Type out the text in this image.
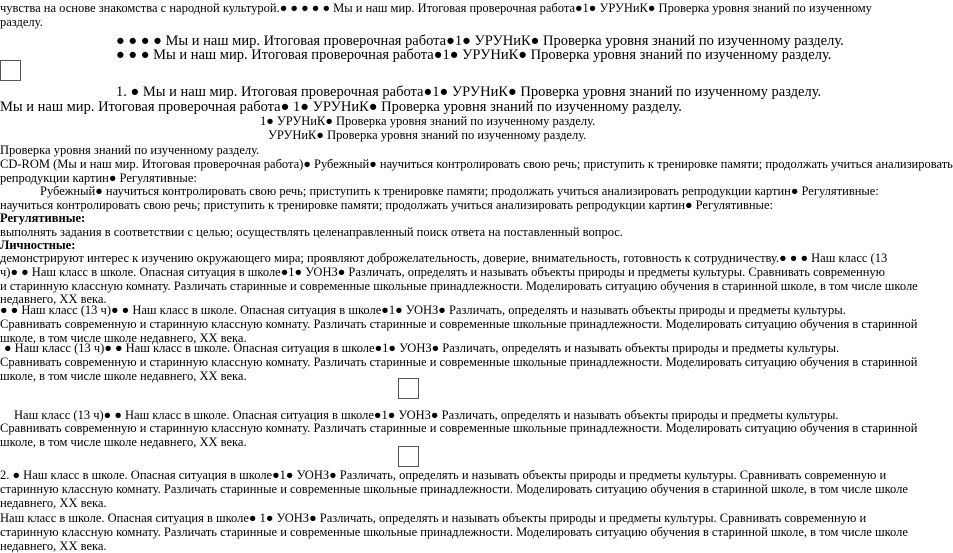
чувства на основе знакомства с народной культурой.● ● ● ● ● Мы и наш мир. Итоговая проверочная работа●1● УРУНиК● Проверка уровня знаний по изученному
разделу.
● ● ● ● Мы и наш мир. Итоговая проверочная работа●1● УРУНиК● Проверка уровня знаний по изученному разделу.
● ● ● Мы и наш мир. Итоговая проверочная работа●1● УРУНиК● Проверка уровня знаний по изученному разделу.
1. ● Мы и наш мир. Итоговая проверочная работа●1● УРУНиК● Проверка уровня знаний по изученному разделу.
Мы и наш мир. Итоговая проверочная работа● 1● УРУНиК● Проверка уровня знаний по изученному разделу.
1● УРУНиК● Проверка уровня знаний по изученному разделу.
УРУНиК● Проверка уровня знаний по изученному разделу.
Проверка уровня знаний по изученному разделу.
CD-ROM (Мы и наш мир. Итоговая проверочная работа)● Рубежный● научиться контролировать свою речь; приступить к тренировке памяти; продолжать учиться анализировать
репродукции картин● Регулятивные:
Рубежный● научиться контролировать свою речь; приступить к тренировке памяти; продолжать учиться анализировать репродукции картин● Регулятивные:
научиться контролировать свою речь; приступить к тренировке памяти; продолжать учиться анализировать репродукции картин● Регулятивные:
Регулятивные:
выполнять задания в соответствии с целью; осуществлять целенаправленный поиск ответа на поставленный вопрос.
Личностные:
демонстрируют интерес к изучению окружающего мира; проявляют доброжелательность, доверие, внимательность, готовность к сотрудничеству.● ● ● Наш класс (13
ч)● ● Наш класс в школе. Опасная ситуация в школе●1● УОНЗ● Различать, определять и называть объекты природы и предметы культуры. Сравнивать современную
и старинную классную комнату. Различать старинные и современные школьные принадлежности. Моделировать ситуацию обучения в старинной школе, в том числе школе
недавнего, XX века.
● ● Наш класс (13 ч)● ● Наш класс в школе. Опасная ситуация в школе●1● УОНЗ● Различать, определять и называть объекты природы и предметы культуры.
Сравнивать современную и старинную классную комнату. Различать старинные и современные школьные принадлежности. Моделировать ситуацию обучения в старинной
школе, в том числе школе недавнего, XX века.
● Наш класс (13 ч)● ● Наш класс в школе. Опасная ситуация в школе●1● УОНЗ● Различать, определять и называть объекты природы и предметы культуры.
Сравнивать современную и старинную классную комнату. Различать старинные и современные школьные принадлежности. Моделировать ситуацию обучения в старинной
школе, в том числе школе недавнего, XX века.
Наш класс (13 ч)● ● Наш класс в школе. Опасная ситуация в школе●1● УОНЗ● Различать, определять и называть объекты природы и предметы культуры.
Сравнивать современную и старинную классную комнату. Различать старинные и современные школьные принадлежности. Моделировать ситуацию обучения в старинной
школе, в том числе школе недавнего, XX века.
2. ● Наш класс в школе. Опасная ситуация в школе●1● УОНЗ● Различать, определять и называть объекты природы и предметы культуры. Сравнивать современную и
старинную классную комнату. Различать старинные и современные школьные принадлежности. Моделировать ситуацию обучения в старинной школе, в том числе школе
недавнего, XX века.
Наш класс в школе. Опасная ситуация в школе● 1● УОНЗ● Различать, определять и называть объекты природы и предметы культуры. Сравнивать современную и
старинную классную комнату. Различать старинные и современные школьные принадлежности. Моделировать ситуацию обучения в старинной школе, в том числе школе
недавнего, XX века.
